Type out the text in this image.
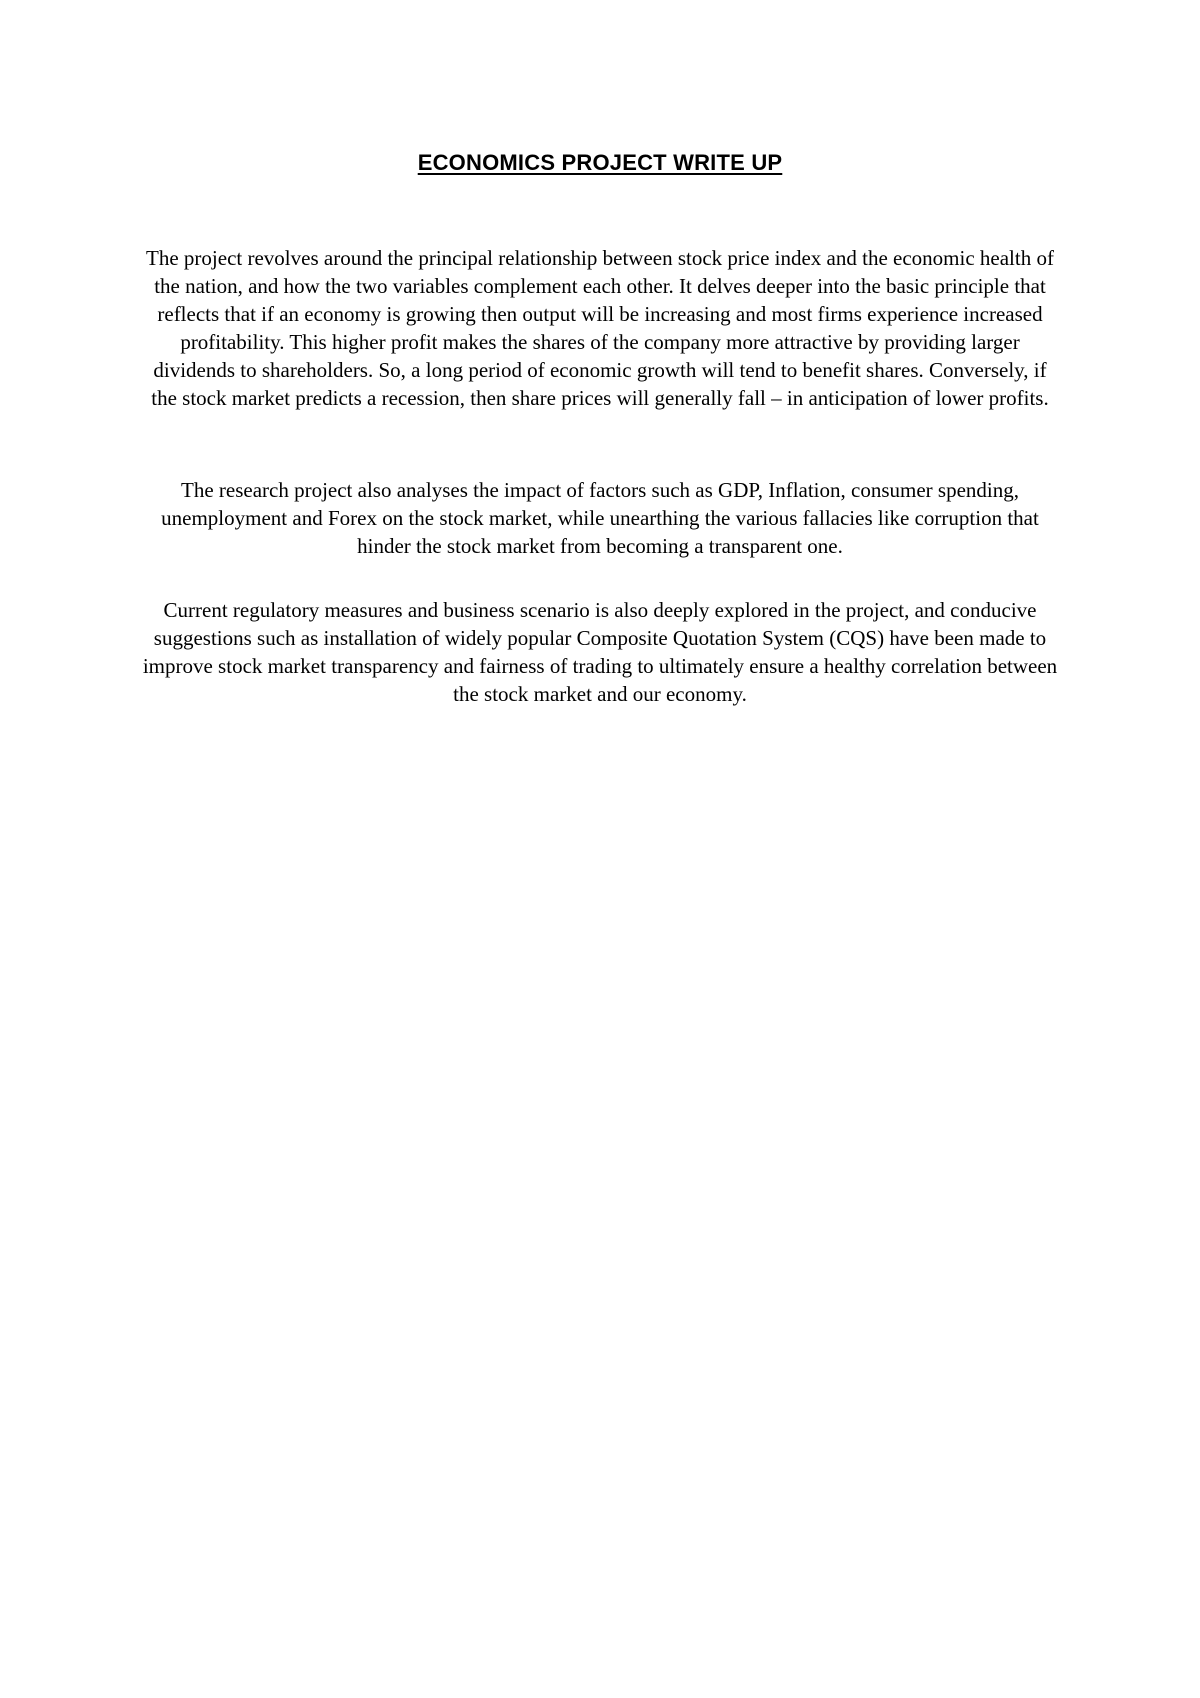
ECONOMICS PROJECT WRITE UP

The project revolves around the principal relationship between stock price index and the economic health of the nation, and how the two variables complement each other. It delves deeper into the basic principle that reflects that if an economy is growing then output will be increasing and most firms experience increased profitability. This higher profit makes the shares of the company more attractive by providing larger dividends to shareholders. So, a long period of economic growth will tend to benefit shares. Conversely, if the stock market predicts a recession, then share prices will generally fall – in anticipation of lower profits.

The research project also analyses the impact of factors such as GDP, Inflation, consumer spending, unemployment and Forex on the stock market, while unearthing the various fallacies like corruption that hinder the stock market from becoming a transparent one.

Current regulatory measures and business scenario is also deeply explored in the project, and conducive suggestions such as installation of widely popular Composite Quotation System (CQS) have been made to improve stock market transparency and fairness of trading to ultimately ensure a healthy correlation between the stock market and our economy.
